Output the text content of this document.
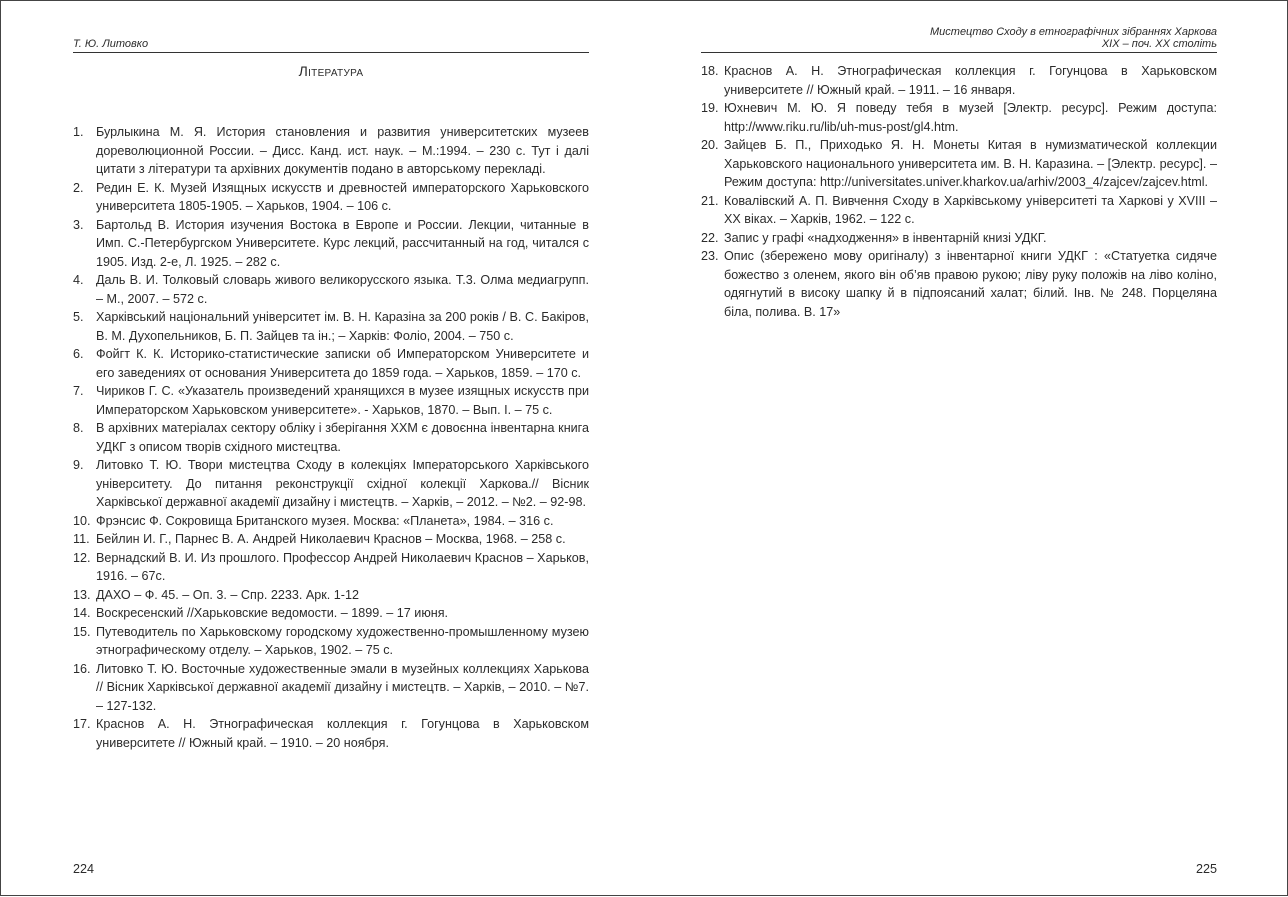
Т. Ю. Литовко
Література
1. Бурлыкина М. Я. История становления и развития университетских музеев дореволюционной России. – Дисс. Канд. ист. наук. – М.:1994. – 230 с. Тут і далі цитати з літератури та архівних документів подано в авторському перекладі.
2. Редин Е. К. Музей Изящных искусств и древностей императорского Харьковского университета 1805-1905. – Харьков, 1904. – 106 с.
3. Бартольд В. История изучения Востока в Европе и России. Лекции, читанные в Имп. С.-Петербургском Университете. Курс лекций, рассчитанный на год, читался с 1905. Изд. 2-е, Л. 1925. – 282 с.
4. Даль В. И. Толковый словарь живого великорусского языка. Т.3. Олма медиагрупп. – М., 2007. – 572 с.
5. Харківський національний університет ім. В. Н. Каразіна за 200 років / В. С. Бакіров, В. М. Духопельников, Б. П. Зайцев та ін.; – Харків: Фоліо, 2004. – 750 с.
6. Фойгт К. К. Историко-статистические записки об Императорском Университете и его заведениях от основания Университета до 1859 года. – Харьков, 1859. – 170 с.
7. Чириков Г. С. «Указатель произведений хранящихся в музее изящных искусств при Императорском Харьковском университете». - Харьков, 1870. – Вып. І. – 75 с.
8. В архівних матеріалах сектору обліку і зберігання ХХМ є довоєнна інвентарна книга УДКГ з описом творів східного мистецтва.
9. Литовко Т. Ю. Твори мистецтва Сходу в колекціях Імператорського Харківського університету. До питання реконструкції східної колекції Харкова.// Вісник Харківської державної академії дизайну і мистецтв. – Харків, – 2012. – №2. – 92-98.
10. Фрэнсис Ф. Сокровища Британского музея. Москва: «Планета», 1984. – 316 с.
11. Бейлин И. Г., Парнес В. А. Андрей Николаевич Краснов – Москва, 1968. – 258 с.
12. Вернадский В. И. Из прошлого. Профессор Андрей Николаевич Краснов – Харьков, 1916. – 67с.
13. ДАХО – Ф. 45. – Оп. 3. – Спр. 2233. Арк. 1-12
14. Воскресенский //Харьковские ведомости. – 1899. – 17 июня.
15. Путеводитель по Харьковскому городскому художественно-промышленному музею этнографическому отделу. – Харьков, 1902. – 75 с.
16. Литовко Т. Ю. Восточные художественные эмали в музейных коллекциях Харькова // Вісник Харківської державної академії дизайну і мистецтв. – Харків, – 2010. – №7. – 127-132.
17. Краснов А. Н. Этнографическая коллекция г. Гогунцова в Харьковском университете // Южный край. – 1910. – 20 ноября.
224
Мистецтво Сходу в етнографічних зібраннях Харкова
ХІХ – поч. ХХ століть
18. Краснов А. Н. Этнографическая коллекция г. Гогунцова в Харьковском университете // Южный край. – 1911. – 16 января.
19. Юхневич М. Ю. Я поведу тебя в музей [Электр. ресурс]. Режим доступа: http://www.riku.ru/lib/uh-mus-post/gl4.htm.
20. Зайцев Б. П., Приходько Я. Н. Монеты Китая в нумизматической коллекции Харьковского национального университета им. В. Н. Каразина. – [Электр. ресурс]. – Режим доступа: http://universitates.univer.kharkov.ua/arhiv/2003_4/zajcev/zajcev.html.
21. Ковалівский А. П. Вивчення Сходу в Харківському університеті та Харкові у XVIII – XX віках. – Харків, 1962. – 122 с.
22. Запис у графі «надходження» в інвентарній книзі УДКГ.
23. Опис (збережено мову оригіналу) з інвентарної книги УДКГ : «Статуетка сидяче божество з оленем, якого він об’яв правою рукою; ліву руку положів на ліво коліно, одягнутий в високу шапку й в підпоясаний халат; білий. Інв. № 248. Порцеляна біла, полива. В. 17»
225
